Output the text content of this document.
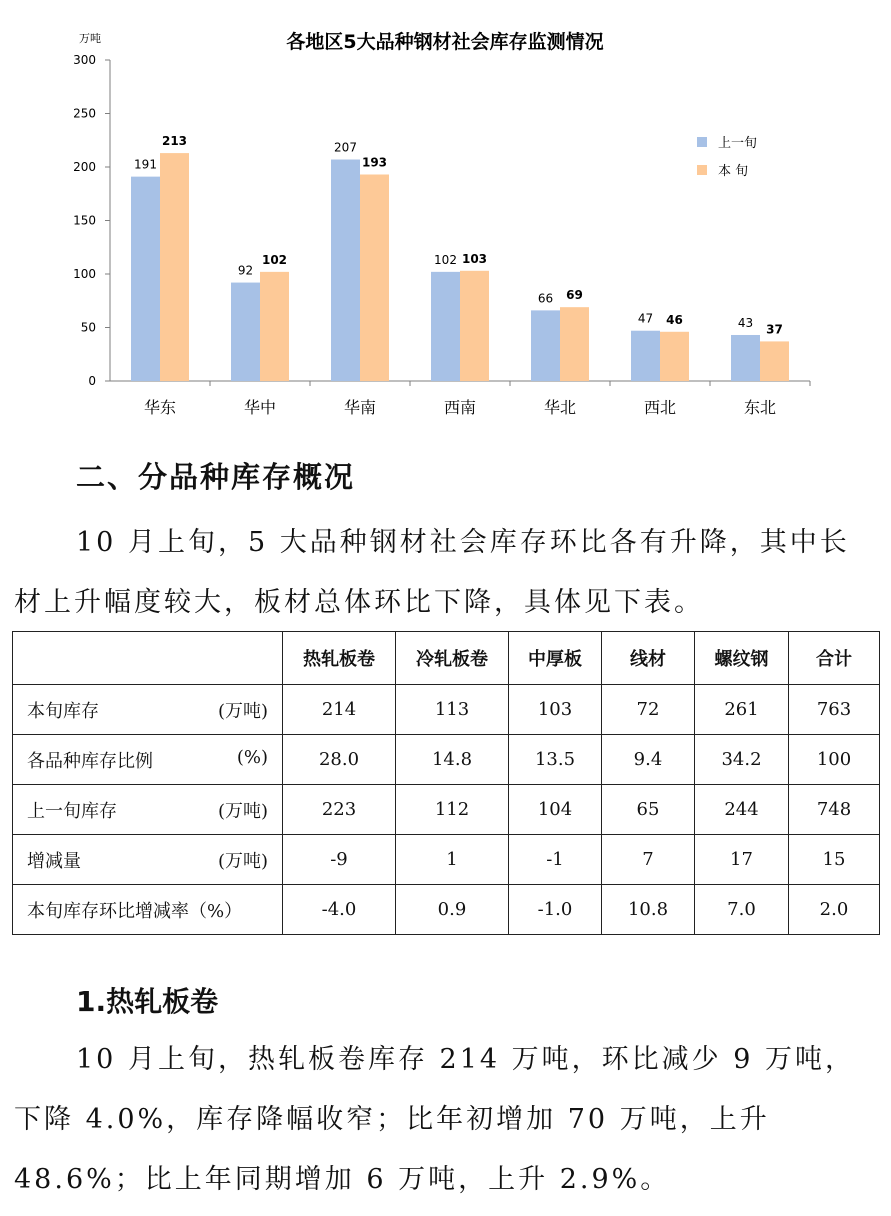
各地区5大品种钢材社会库存监测情况
万吨
0
50
100
150
200
250
300
华东	华中	华南	西南	华北	西北	东北
191
213
92
102
207
193
102 103
66 69
47 46	43 37
上一旬
本 旬
二、分品种库存概况

10 月上旬，5 大品种钢材社会库存环比各有升降，其中长材上升幅度较大，板材总体环比下降，具体见下表。

	热轧板卷	冷轧板卷	中厚板	线材	螺纹钢	合计
本旬库存 (万吨)	214	113	103	72	261	763
各品种库存比例 (%)	28.0	14.8	13.5	9.4	34.2	100
上一旬库存 (万吨)	223	112	104	65	244	748
增减量 (万吨)	-9	1	-1	7	17	15
本旬库存环比增减率（%）	-4.0	0.9	-1.0	10.8	7.0	2.0
1.热轧板卷

10 月上旬，热轧板卷库存 214 万吨，环比减少 9 万吨，下降 4.0%，库存降幅收窄；比年初增加 70 万吨，上升 48.6%；比上年同期增加 6 万吨，上升 2.9%。
